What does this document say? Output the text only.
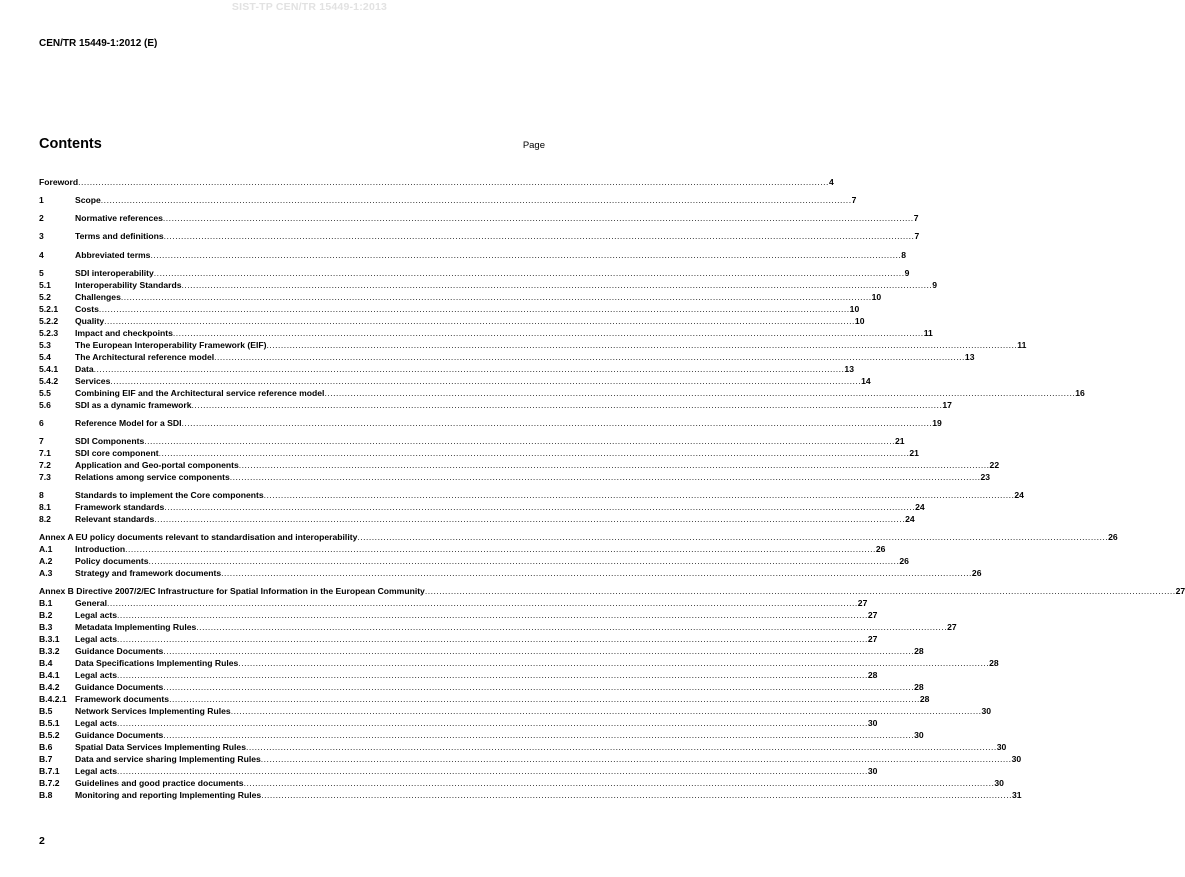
SIST-TP CEN/TR 15449-1:2013
CEN/TR 15449-1:2012 (E)
Contents	Page
Foreword .................................................................................................................................................................................................................................................................... 4
1	Scope .................................................................................................................................................................................................................................................................... 7
2	Normative references .................................................................................................................................................................................................................................................................... 7
3	Terms and definitions .................................................................................................................................................................................................................................................................... 7
4	Abbreviated terms .................................................................................................................................................................................................................................................................... 8
5	SDI interoperability .................................................................................................................................................................................................................................................................... 9
5.1	Interoperability Standards .................................................................................................................................................................................................................................................................... 9
5.2	Challenges .................................................................................................................................................................................................................................................................... 10
5.2.1	Costs .................................................................................................................................................................................................................................................................... 10
5.2.2	Quality .................................................................................................................................................................................................................................................................... 10
5.2.3	Impact and checkpoints .................................................................................................................................................................................................................................................................... 11
5.3	The European Interoperability Framework (EIF) .................................................................................................................................................................................................................................................................... 11
5.4	The Architectural reference model .................................................................................................................................................................................................................................................................... 13
5.4.1	Data .................................................................................................................................................................................................................................................................... 13
5.4.2	Services .................................................................................................................................................................................................................................................................... 14
5.5	Combining EIF and the Architectural service reference model .................................................................................................................................................................................................................................................................... 16
5.6	SDI as a dynamic framework .................................................................................................................................................................................................................................................................... 17
6	Reference Model for a SDI .................................................................................................................................................................................................................................................................... 19
7	SDI Components .................................................................................................................................................................................................................................................................... 21
7.1	SDI core component .................................................................................................................................................................................................................................................................... 21
7.2	Application and Geo-portal components .................................................................................................................................................................................................................................................................... 22
7.3	Relations among service components .................................................................................................................................................................................................................................................................... 23
8	Standards to implement the Core components .................................................................................................................................................................................................................................................................... 24
8.1	Framework standards .................................................................................................................................................................................................................................................................... 24
8.2	Relevant standards .................................................................................................................................................................................................................................................................... 24
Annex A EU policy documents relevant to standardisation and interoperability .................................................................................................................................................................................................................................................................... 26
A.1	Introduction .................................................................................................................................................................................................................................................................... 26
A.2	Policy documents .................................................................................................................................................................................................................................................................... 26
A.3	Strategy and framework documents .................................................................................................................................................................................................................................................................... 26
Annex B Directive 2007/2/EC Infrastructure for Spatial Information in the European Community .................................................................................................................................................................................................................................................................... 27
B.1	General .................................................................................................................................................................................................................................................................... 27
B.2	Legal acts .................................................................................................................................................................................................................................................................... 27
B.3	Metadata Implementing Rules .................................................................................................................................................................................................................................................................... 27
B.3.1	Legal acts .................................................................................................................................................................................................................................................................... 27
B.3.2	Guidance Documents .................................................................................................................................................................................................................................................................... 28
B.4	Data Specifications Implementing Rules .................................................................................................................................................................................................................................................................... 28
B.4.1	Legal acts .................................................................................................................................................................................................................................................................... 28
B.4.2	Guidance Documents .................................................................................................................................................................................................................................................................... 28
B.4.2.1 Framework documents .................................................................................................................................................................................................................................................................... 28
B.5	Network Services Implementing Rules .................................................................................................................................................................................................................................................................... 30
B.5.1	Legal acts .................................................................................................................................................................................................................................................................... 30
B.5.2	Guidance Documents .................................................................................................................................................................................................................................................................... 30
B.6	Spatial Data Services Implementing Rules .................................................................................................................................................................................................................................................................... 30
B.7	Data and service sharing Implementing Rules .................................................................................................................................................................................................................................................................... 30
B.7.1	Legal acts .................................................................................................................................................................................................................................................................... 30
B.7.2	Guidelines and good practice documents .................................................................................................................................................................................................................................................................... 30
B.8	Monitoring and reporting Implementing Rules .................................................................................................................................................................................................................................................................... 31
2
